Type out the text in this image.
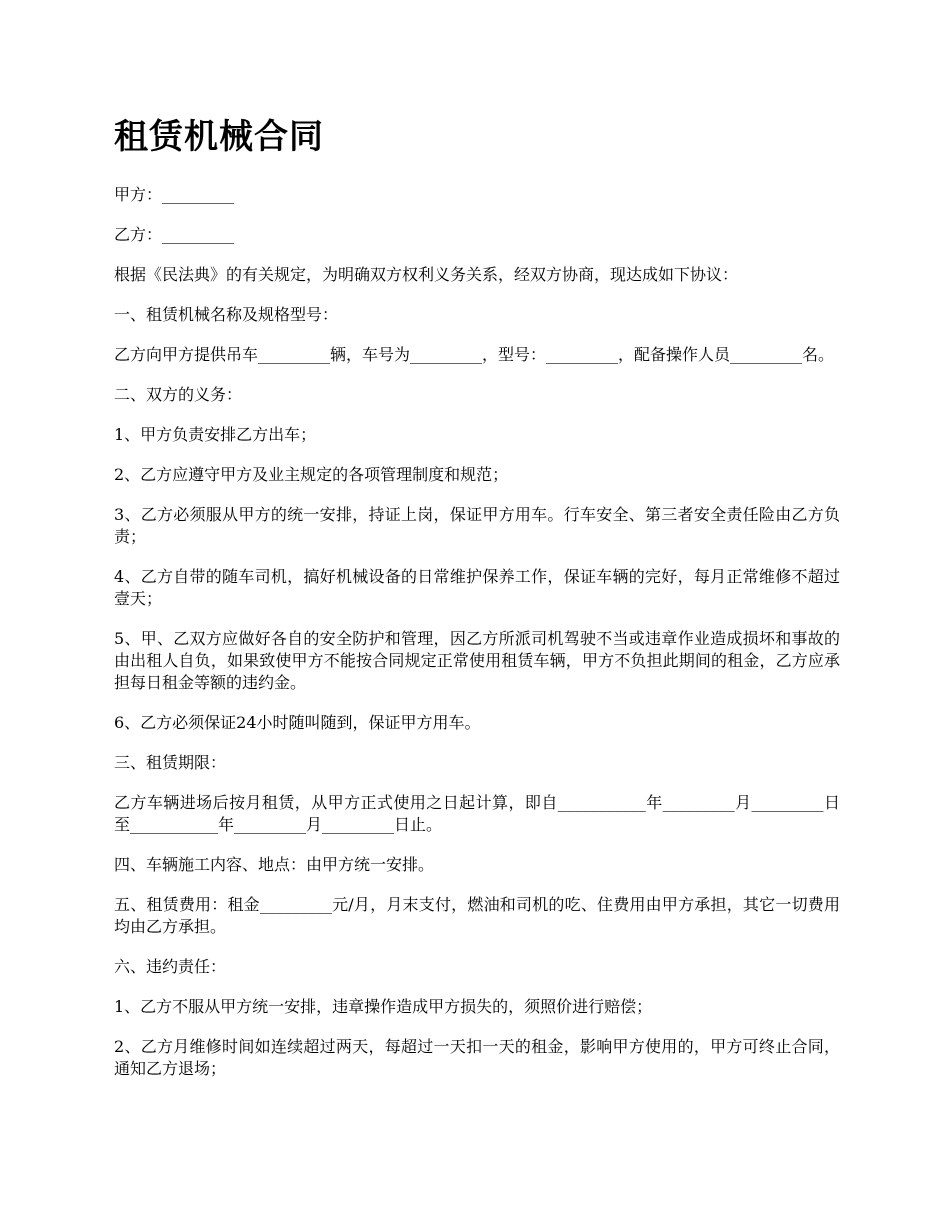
租赁机械合同

甲方：_________

乙方：_________

根据《民法典》的有关规定，为明确双方权利义务关系，经双方协商，现达成如下协议：

一、租赁机械名称及规格型号：

乙方向甲方提供吊车_________辆，车号为_________，型号：_________，配备操作人员_________名。

二、双方的义务：

1、甲方负责安排乙方出车；

2、乙方应遵守甲方及业主规定的各项管理制度和规范；

3、乙方必须服从甲方的统一安排，持证上岗，保证甲方用车。行车安全、第三者安全责任险由乙方负责；

4、乙方自带的随车司机，搞好机械设备的日常维护保养工作，保证车辆的完好，每月正常维修不超过壹天；

5、甲、乙双方应做好各自的安全防护和管理，因乙方所派司机驾驶不当或违章作业造成损坏和事故的由出租人自负，如果致使甲方不能按合同规定正常使用租赁车辆，甲方不负担此期间的租金，乙方应承担每日租金等额的违约金。

6、乙方必须保证24小时随叫随到，保证甲方用车。

三、租赁期限：

乙方车辆进场后按月租赁，从甲方正式使用之日起计算，即自___________年_________月_________日至___________年_________月_________日止。

四、车辆施工内容、地点：由甲方统一安排。

五、租赁费用：租金_________元/月，月末支付，燃油和司机的吃、住费用由甲方承担，其它一切费用均由乙方承担。

六、违约责任：

1、乙方不服从甲方统一安排，违章操作造成甲方损失的，须照价进行赔偿；

2、乙方月维修时间如连续超过两天，每超过一天扣一天的租金，影响甲方使用的，甲方可终止合同，通知乙方退场；
